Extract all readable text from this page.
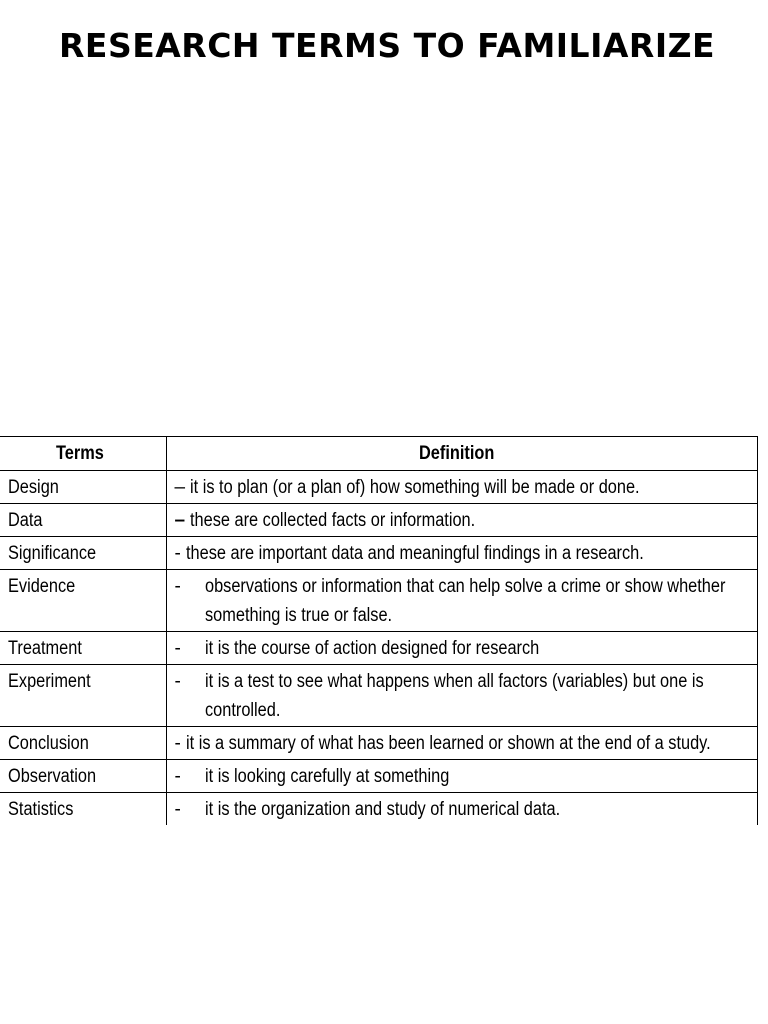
RESEARCH TERMS TO FAMILIARIZE
Terms	Definition
Design	– it is to plan (or a plan of) how something will be made or done.

Data	– these are collected facts or information.

Significance	- these are important data and meaningful findings in a research.

Evidence	- observations or information that can help solve a crime or show whether something is true or false.

Treatment	- it is the course of action designed for research

Experiment	- it is a test to see what happens when all factors (variables) but one is controlled.

Conclusion	- it is a summary of what has been learned or shown at the end of a study.

Observation	- it is looking carefully at something

Statistics	- it is the organization and study of numerical data.
